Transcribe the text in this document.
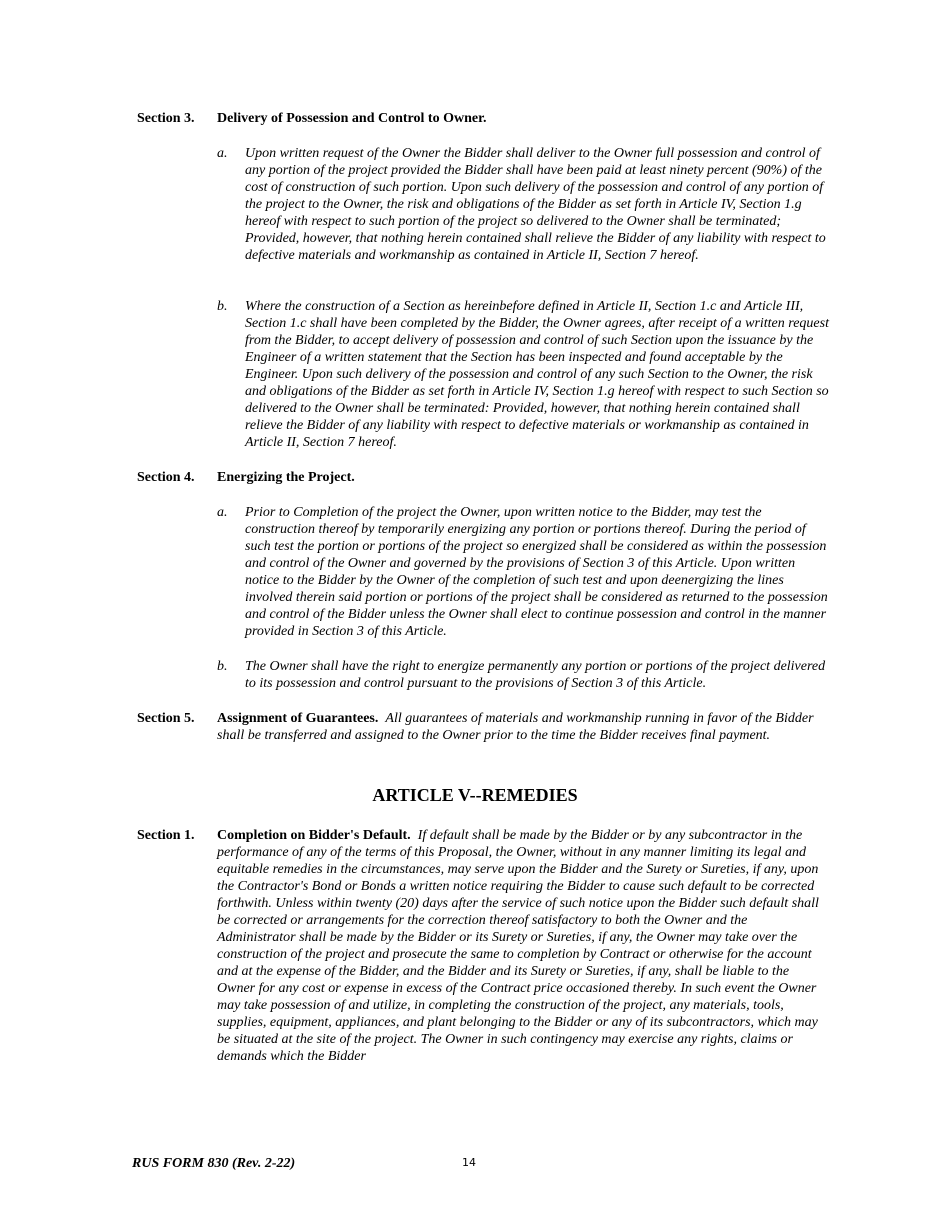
Section 3.	Delivery of Possession and Control to Owner.
a.	Upon written request of the Owner the Bidder shall deliver to the Owner full possession and control of any portion of the project provided the Bidder shall have been paid at least ninety percent (90%) of the cost of construction of such portion. Upon such delivery of the possession and control of any portion of the project to the Owner, the risk and obligations of the Bidder as set forth in Article IV, Section 1.g hereof with respect to such portion of the project so delivered to the Owner shall be terminated; Provided, however, that nothing herein contained shall relieve the Bidder of any liability with respect to defective materials and workmanship as contained in Article II, Section 7 hereof.
b.	Where the construction of a Section as hereinbefore defined in Article II, Section 1.c and Article III, Section 1.c shall have been completed by the Bidder, the Owner agrees, after receipt of a written request from the Bidder, to accept delivery of possession and control of such Section upon the issuance by the Engineer of a written statement that the Section has been inspected and found acceptable by the Engineer. Upon such delivery of the possession and control of any such Section to the Owner, the risk and obligations of the Bidder as set forth in Article IV, Section 1.g hereof with respect to such Section so delivered to the Owner shall be terminated: Provided, however, that nothing herein contained shall relieve the Bidder of any liability with respect to defective materials or workmanship as contained in Article II, Section 7 hereof.
Section 4.	Energizing the Project.
a.	Prior to Completion of the project the Owner, upon written notice to the Bidder, may test the construction thereof by temporarily energizing any portion or portions thereof. During the period of such test the portion or portions of the project so energized shall be considered as within the possession and control of the Owner and governed by the provisions of Section 3 of this Article. Upon written notice to the Bidder by the Owner of the completion of such test and upon deenergizing the lines involved therein said portion or portions of the project shall be considered as returned to the possession and control of the Bidder unless the Owner shall elect to continue possession and control in the manner provided in Section 3 of this Article.
b.	The Owner shall have the right to energize permanently any portion or portions of the project delivered to its possession and control pursuant to the provisions of Section 3 of this Article.
Section 5.	Assignment of Guarantees. All guarantees of materials and workmanship running in favor of the Bidder shall be transferred and assigned to the Owner prior to the time the Bidder receives final payment.
ARTICLE V--REMEDIES
Section 1.	Completion on Bidder's Default. If default shall be made by the Bidder or by any subcontractor in the performance of any of the terms of this Proposal, the Owner, without in any manner limiting its legal and equitable remedies in the circumstances, may serve upon the Bidder and the Surety or Sureties, if any, upon the Contractor's Bond or Bonds a written notice requiring the Bidder to cause such default to be corrected forthwith. Unless within twenty (20) days after the service of such notice upon the Bidder such default shall be corrected or arrangements for the correction thereof satisfactory to both the Owner and the Administrator shall be made by the Bidder or its Surety or Sureties, if any, the Owner may take over the construction of the project and prosecute the same to completion by Contract or otherwise for the account and at the expense of the Bidder, and the Bidder and its Surety or Sureties, if any, shall be liable to the Owner for any cost or expense in excess of the Contract price occasioned thereby. In such event the Owner may take possession of and utilize, in completing the construction of the project, any materials, tools, supplies, equipment, appliances, and plant belonging to the Bidder or any of its subcontractors, which may be situated at the site of the project. The Owner in such contingency may exercise any rights, claims or demands which the Bidder
RUS FORM 830 (Rev. 2-22)	14
